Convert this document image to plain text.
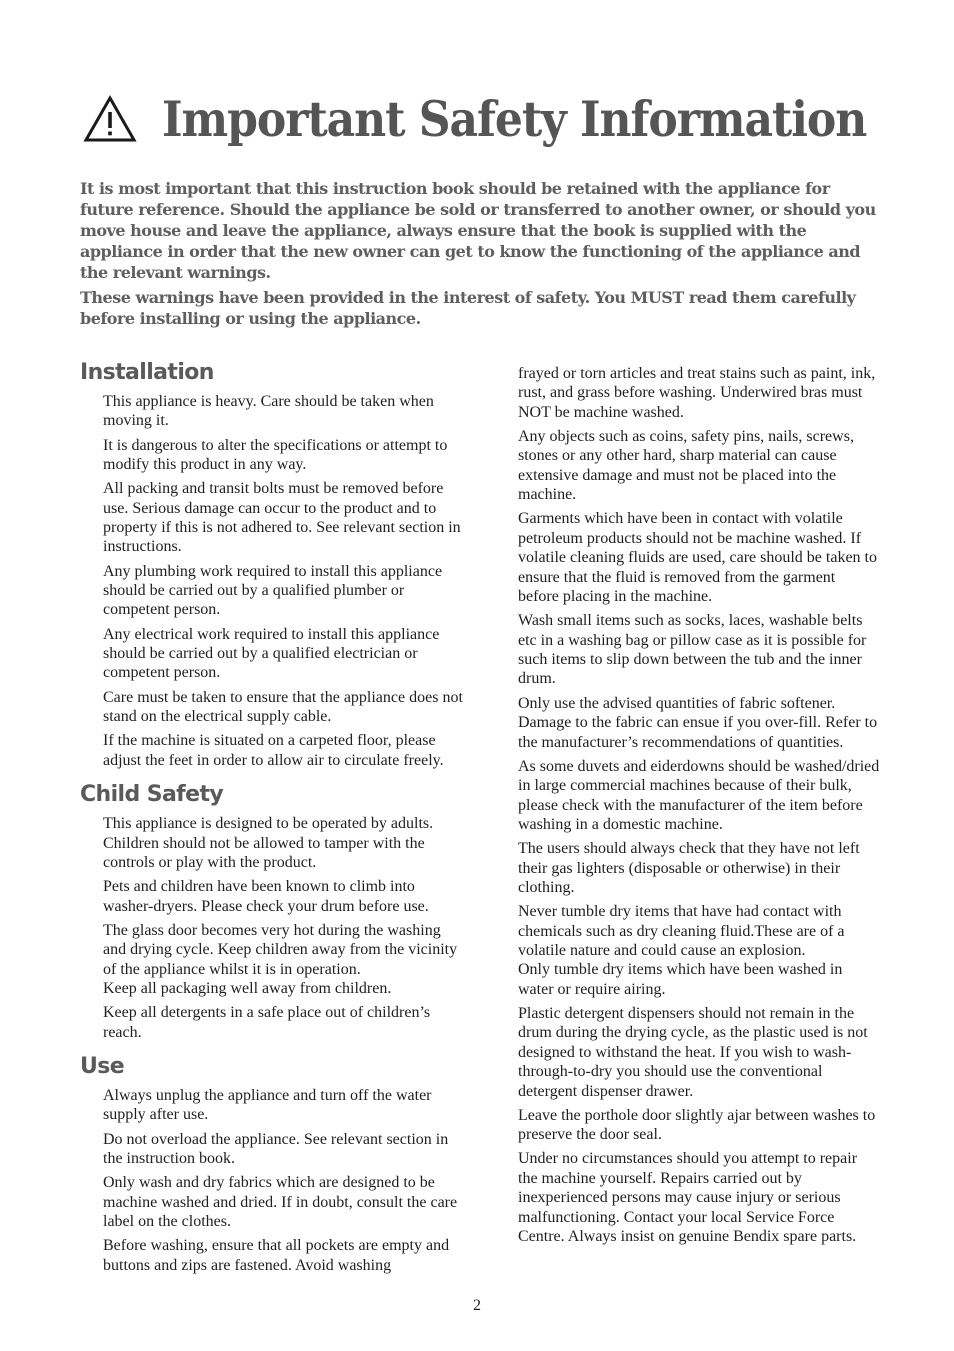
Important Safety Information

It is most important that this instruction book should be retained with the appliance for future reference. Should the appliance be sold or transferred to another owner, or should you move house and leave the appliance, always ensure that the book is supplied with the appliance in order that the new owner can get to know the functioning of the appliance and the relevant warnings.

These warnings have been provided in the interest of safety. You MUST read them carefully before installing or using the appliance.

Installation

This appliance is heavy. Care should be taken when moving it.

It is dangerous to alter the specifications or attempt to modify this product in any way.

All packing and transit bolts must be removed before use. Serious damage can occur to the product and to property if this is not adhered to. See relevant section in instructions.

Any plumbing work required to install this appliance should be carried out by a qualified plumber or competent person.

Any electrical work required to install this appliance should be carried out by a qualified electrician or competent person.

Care must be taken to ensure that the appliance does not stand on the electrical supply cable.

If the machine is situated on a carpeted floor, please adjust the feet in order to allow air to circulate freely.

Child Safety

This appliance is designed to be operated by adults. Children should not be allowed to tamper with the controls or play with the product.

Pets and children have been known to climb into washer-dryers. Please check your drum before use.

The glass door becomes very hot during the washing and drying cycle. Keep children away from the vicinity of the appliance whilst it is in operation.

Keep all packaging well away from children.

Keep all detergents in a safe place out of children’s reach.

Use

Always unplug the appliance and turn off the water supply after use.

Do not overload the appliance. See relevant section in the instruction book.

Only wash and dry fabrics which are designed to be machine washed and dried. If in doubt, consult the care label on the clothes.

Before washing, ensure that all pockets are empty and buttons and zips are fastened. Avoid washing

frayed or torn articles and treat stains such as paint, ink, rust, and grass before washing. Underwired bras must NOT be machine washed.

Any objects such as coins, safety pins, nails, screws, stones or any other hard, sharp material can cause extensive damage and must not be placed into the machine.

Garments which have been in contact with volatile petroleum products should not be machine washed. If volatile cleaning fluids are used, care should be taken to ensure that the fluid is removed from the garment before placing in the machine.

Wash small items such as socks, laces, washable belts etc in a washing bag or pillow case as it is possible for such items to slip down between the tub and the inner drum.

Only use the advised quantities of fabric softener. Damage to the fabric can ensue if you over-fill. Refer to the manufacturer’s recommendations of quantities.

As some duvets and eiderdowns should be washed/dried in large commercial machines because of their bulk, please check with the manufacturer of the item before washing in a domestic machine.

The users should always check that they have not left their gas lighters (disposable or otherwise) in their clothing.

Never tumble dry items that have had contact with chemicals such as dry cleaning fluid.These are of a volatile nature and could cause an explosion.

Only tumble dry items which have been washed in water or require airing.

Plastic detergent dispensers should not remain in the drum during the drying cycle, as the plastic used is not designed to withstand the heat. If you wish to wash-through-to-dry you should use the conventional detergent dispenser drawer.

Leave the porthole door slightly ajar between washes to preserve the door seal.

Under no circumstances should you attempt to repair the machine yourself. Repairs carried out by inexperienced persons may cause injury or serious malfunctioning. Contact your local Service Force Centre. Always insist on genuine Bendix spare parts.

2
